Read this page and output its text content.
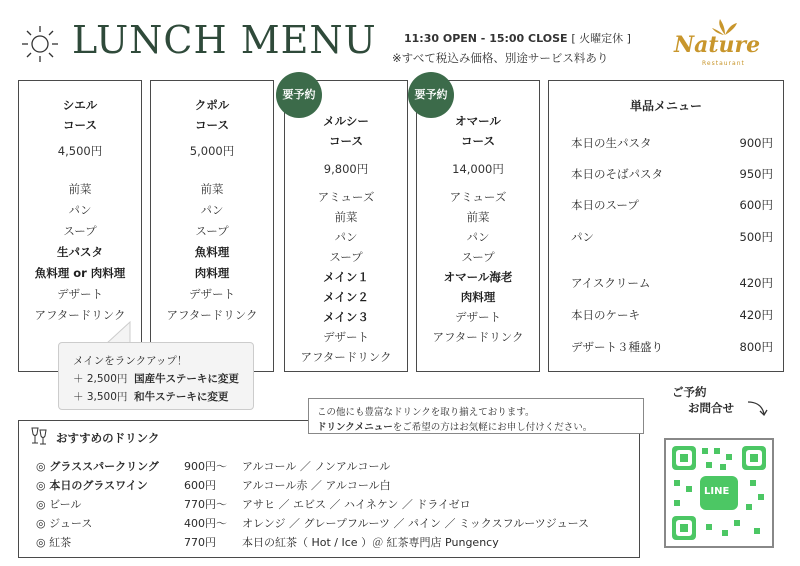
LUNCH MENU 11:30 OPEN - 15:00 CLOSE [ 火曜定休 ]
※すべて税込み価格、別途サービス料あり	Nature
Restaurant
シエル
コース
4,500円
前菜
パン
スープ
生パスタ
魚料理 or 肉料理
デザート
アフタードリンク
クポル
コース
5,000円
前菜
パン
スープ
魚料理
肉料理
デザート
アフタードリンク
メルシー
コース
9,800円
アミューズ
前菜
パン
スープ
メイン１
メイン２
メイン３
デザート
アフタードリンク
要予約
オマール
コース
14,000円
アミューズ
前菜
パン
スープ
オマール海老
肉料理
デザート
アフタードリンク
要予約
単品メニュー
本日の生パスタ	900円
本日のそばパスタ	950円
本日のスープ	600円
パン	500円
アイスクリーム	420円
本日のケーキ	420円
デザート３種盛り	800円
メインをランクアップ！
＋ 2,500円 国産牛ステーキに変更
＋ 3,500円 和牛ステーキに変更
おすすめのドリンク
◎ グラススパークリング 900円〜 アルコール ／ ノンアルコール
◎ 本日のグラスワイン	600円 アルコール赤 ／ アルコール白
◎ ビール	770円〜 アサヒ ／ エビス ／ ハイネケン ／ ドライゼロ
◎ ジュース	400円〜 オレンジ ／ グレープフルーツ ／ パイン ／ ミックスフルーツジュース
◎ 紅茶	770円 本日の紅茶（ Hot / Ice ）＠ 紅茶専門店 Pungency
この他にも豊富なドリンクを取り揃えております。
ドリンクメニューをご希望の方はお気軽にお申し付けください。
ご予約
お問合せ
LINE
